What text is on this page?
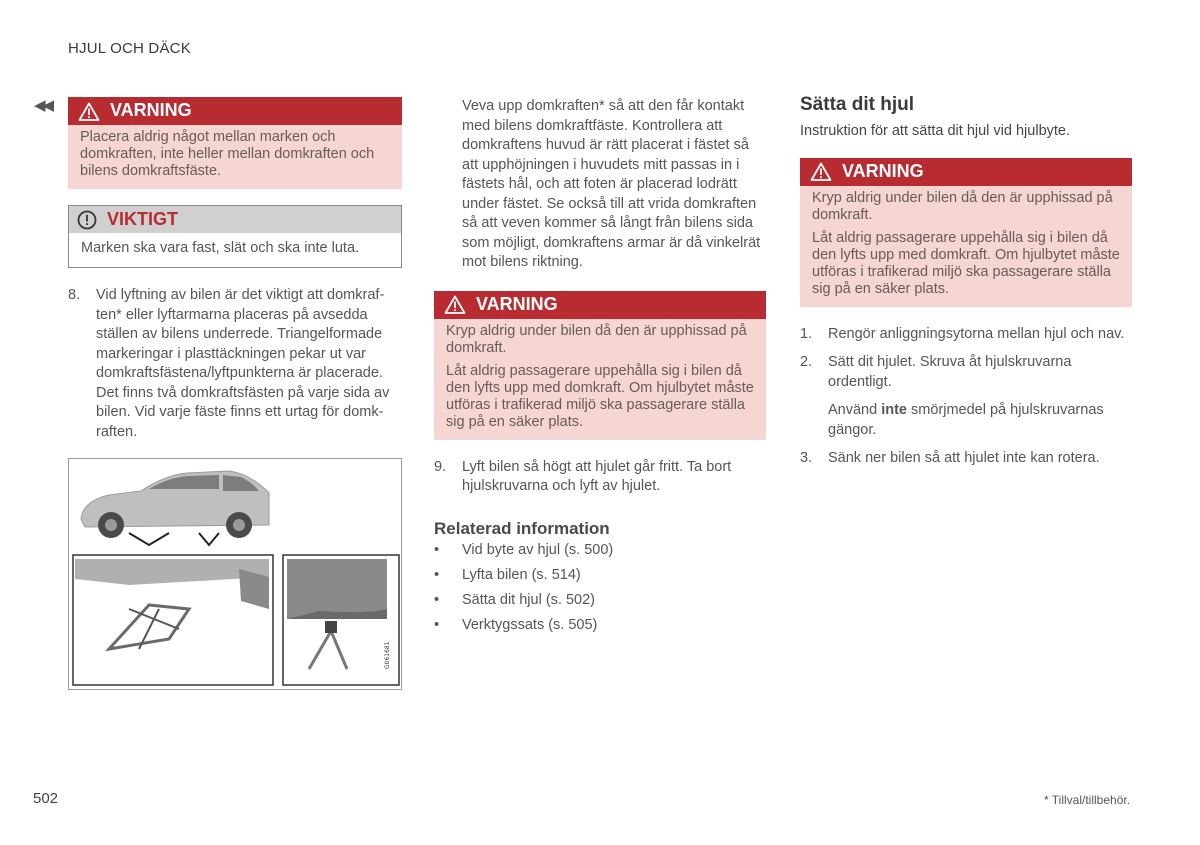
HJUL OCH DÄCK
◀◀	VARNING

Placera aldrig något mellan marken och domkraften, inte heller mellan domkraften och bilens domkraftsfäste.

VIKTIGT
Marken ska vara fast, slät och ska inte luta.
8.	Vid lyftning av bilen är det viktigt att domkraften* eller lyftarmarna placeras på avsedda ställen av bilens underrede. Triangelformade markeringar i plasttäckningen pekar ut var domkraftsfästena/lyftpunkterna är placerade. Det finns två domkraftsfästen på varje sida av bilen. Vid varje fäste finns ett urtag för domkraften.
G061681

Veva upp domkraften* så att den får kontakt med bilens domkraftfäste. Kontrollera att domkraftens huvud är rätt placerat i fästet så att upphöjningen i huvudets mitt passas in i fästets hål, och att foten är placerad lodrätt under fästet. Se också till att vrida domkraften så att veven kommer så långt från bilens sida som möjligt, domkraftens armar är då vinkelrät mot bilens riktning.

VARNING

Kryp aldrig under bilen då den är upphissad på domkraft.

Låt aldrig passagerare uppehålla sig i bilen då den lyfts upp med domkraft. Om hjulbytet måste utföras i trafikerad miljö ska passagerare ställa sig på en säker plats.

9.	Lyft bilen så högt att hjulet går fritt. Ta bort hjulskruvarna och lyft av hjulet.
Relaterad information
•	Vid byte av hjul (s. 500)
•	Lyfta bilen (s. 514)
•	Sätta dit hjul (s. 502)
•	Verktygssats (s. 505)
Sätta dit hjul

Instruktion för att sätta dit hjul vid hjulbyte.

VARNING

Kryp aldrig under bilen då den är upphissad på domkraft.

Låt aldrig passagerare uppehålla sig i bilen då den lyfts upp med domkraft. Om hjulbytet måste utföras i trafikerad miljö ska passagerare ställa sig på en säker plats.

1.	Rengör anliggningsytorna mellan hjul och nav.
2.	Sätt dit hjulet. Skruva åt hjulskruvarna ordentligt.

Använd inte smörjmedel på hjulskruvarnas gängor.

3.	Sänk ner bilen så att hjulet inte kan rotera.
502	* Tillval/tillbehör.
